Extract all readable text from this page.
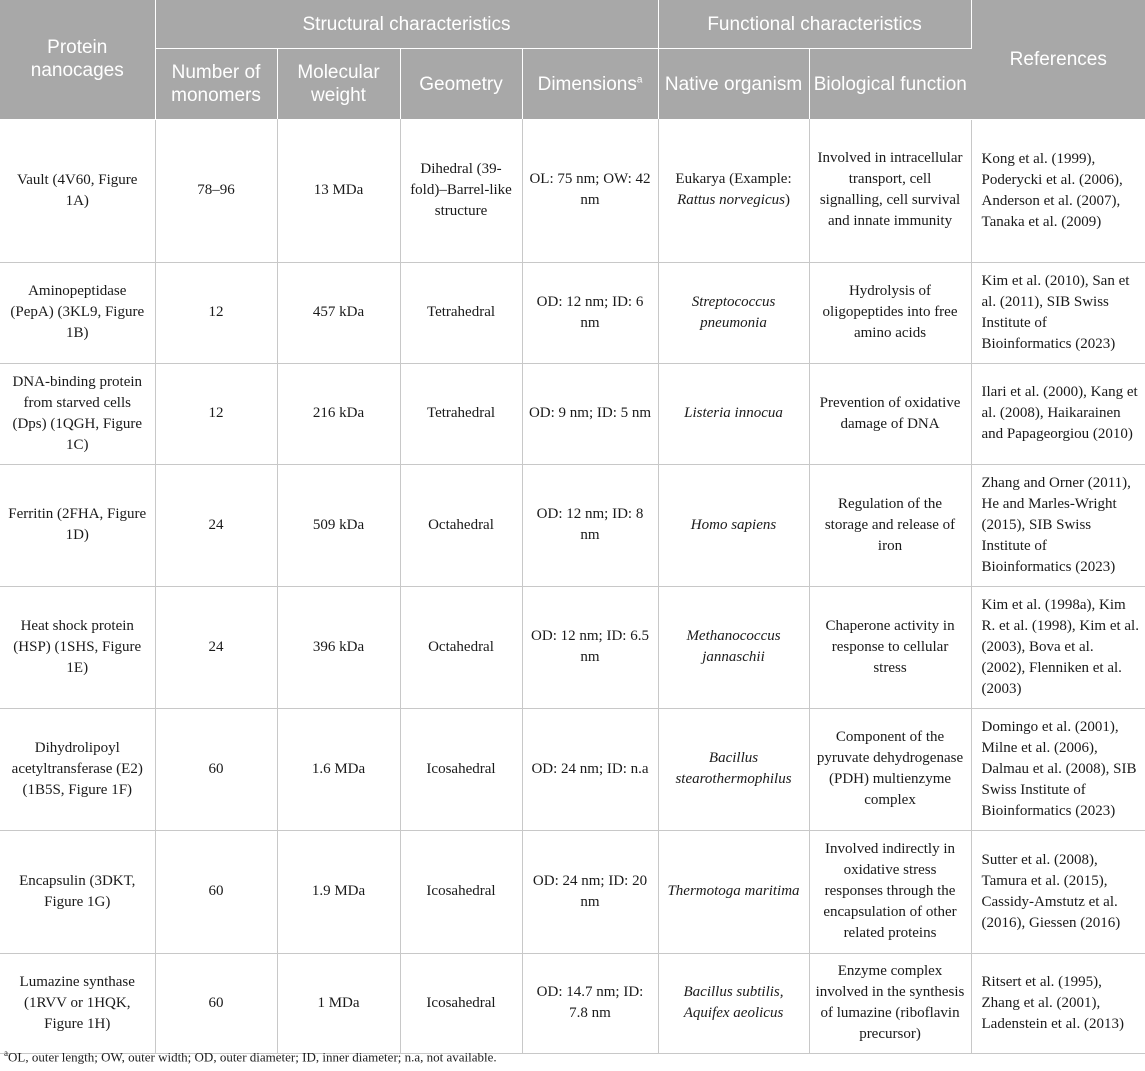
Protein nanocages	Structural characteristics				Functional characteristics		References
	Number of monomers	Molecular weight	Geometry	Dimensions$^a$	Native organism	Biological function	
Vault (4V60, Figure 1A)	78–96	13 MDa	Dihedral (39-fold)–Barrel-like structure	OL: 75 nm; OW: 42 nm	Eukarya (Example: Rattus norvegicus)	Involved in intracellular transport, cell signalling, cell survival and innate immunity	Kong et al. (1999), Poderycki et al. (2006), Anderson et al. (2007), Tanaka et al. (2009)
Aminopeptidase (PepA) (3KL9, Figure 1B)	12	457 kDa	Tetrahedral	OD: 12 nm; ID: 6 nm	Streptococcus pneumonia	Hydrolysis of oligopeptides into free amino acids	Kim et al. (2010), San et al. (2011), SIB Swiss Institute of Bioinformatics (2023)
DNA-binding protein from starved cells (Dps) (1QGH, Figure 1C)	12	216 kDa	Tetrahedral	OD: 9 nm; ID: 5 nm	Listeria innocua	Prevention of oxidative damage of DNA	Ilari et al. (2000), Kang et al. (2008), Haikarainen and Papageorgiou (2010)
Ferritin (2FHA, Figure 1D)	24	509 kDa	Octahedral	OD: 12 nm; ID: 8 nm	Homo sapiens	Regulation of the storage and release of iron	Zhang and Orner (2011), He and Marles-Wright (2015), SIB Swiss Institute of Bioinformatics (2023)
Heat shock protein (HSP) (1SHS, Figure 1E)	24	396 kDa	Octahedral	OD: 12 nm; ID: 6.5 nm	Methanococcus jannaschii	Chaperone activity in response to cellular stress	Kim et al. (1998a), Kim R. et al. (1998), Kim et al. (2003), Bova et al. (2002), Flenniken et al. (2003)
Dihydrolipoyl acetyltransferase (E2) (1B5S, Figure 1F)	60	1.6 MDa	Icosahedral	OD: 24 nm; ID: n.a	Bacillus stearothermophilus	Component of the pyruvate dehydrogenase (PDH) multienzyme complex	Domingo et al. (2001), Milne et al. (2006), Dalmau et al. (2008), SIB Swiss Institute of Bioinformatics (2023)
Encapsulin (3DKT, Figure 1G)	60	1.9 MDa	Icosahedral	OD: 24 nm; ID: 20 nm	Thermotoga maritima	Involved indirectly in oxidative stress responses through the encapsulation of other related proteins	Sutter et al. (2008), Tamura et al. (2015), Cassidy-Amstutz et al. (2016), Giessen (2016)
Lumazine synthase (1RVV or 1HQK, Figure 1H)	60	1 MDa	Icosahedral	OD: 14.7 nm; ID: 7.8 nm	Bacillus subtilis, Aquifex aeolicus	Enzyme complex involved in the synthesis of lumazine (riboflavin precursor)	Ritsert et al. (1995), Zhang et al. (2001), Ladenstein et al. (2013)
$^a$OL, outer length; OW, outer width; OD, outer diameter; ID, inner diameter; n.a, not available.
